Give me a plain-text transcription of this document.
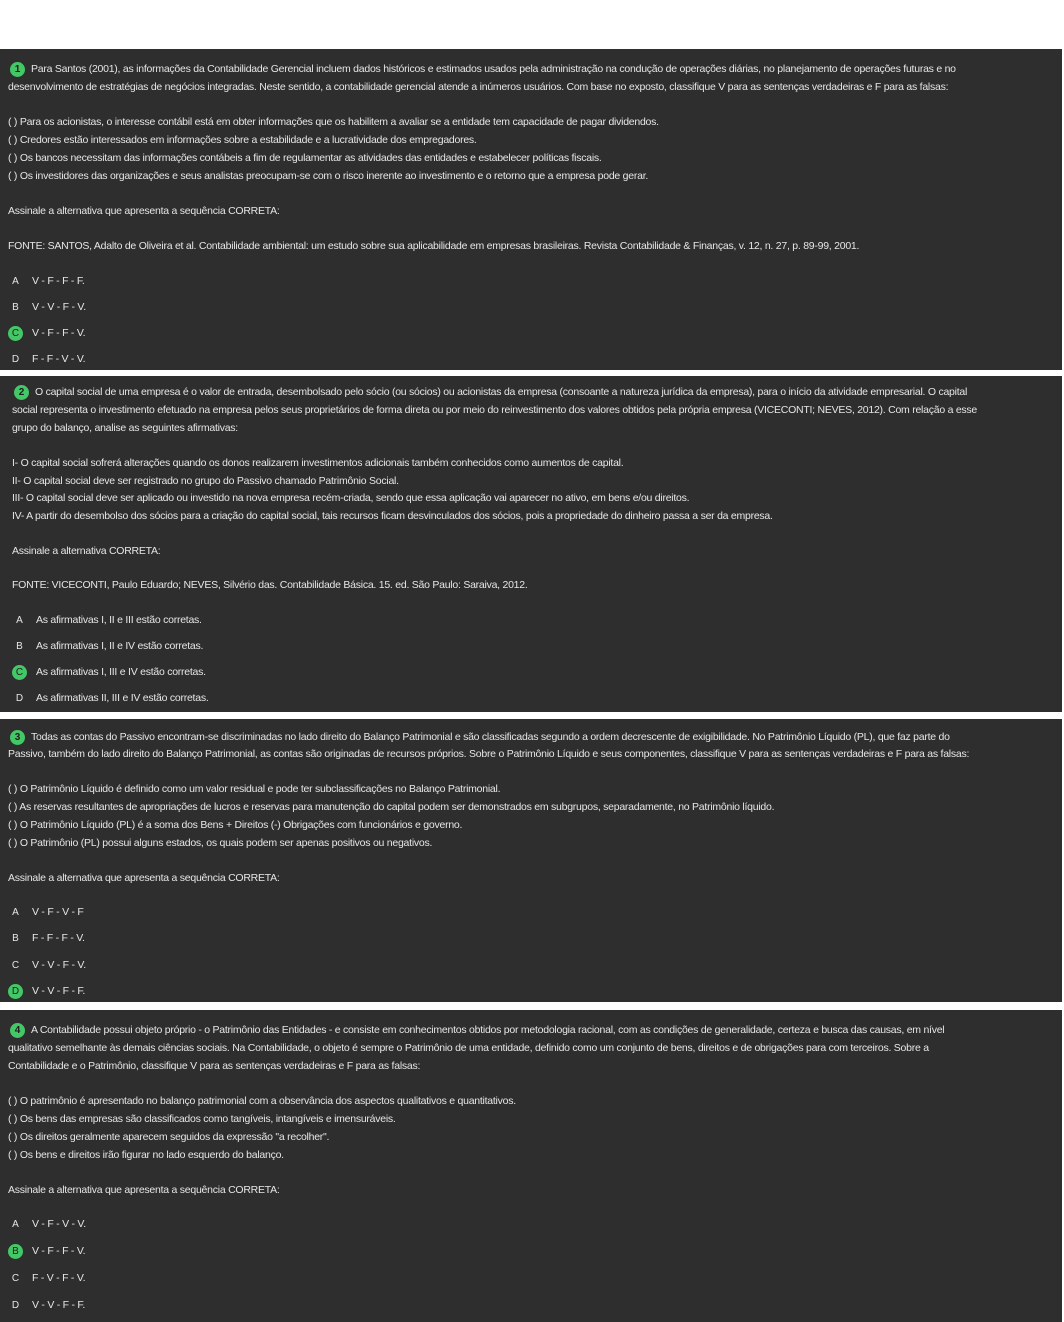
1 Para Santos (2001), as informações da Contabilidade Gerencial incluem dados históricos e estimados usados pela administração na condução de operações diárias, no planejamento de operações futuras e no
desenvolvimento de estratégias de negócios integradas. Neste sentido, a contabilidade gerencial atende a inúmeros usuários. Com base no exposto, classifique V para as sentenças verdadeiras e F para as falsas:
( ) Para os acionistas, o interesse contábil está em obter informações que os habilitem a avaliar se a entidade tem capacidade de pagar dividendos.
( ) Credores estão interessados em informações sobre a estabilidade e a lucratividade dos empregadores.
( ) Os bancos necessitam das informações contábeis a fim de regulamentar as atividades das entidades e estabelecer políticas fiscais.
( ) Os investidores das organizações e seus analistas preocupam-se com o risco inerente ao investimento e o retorno que a empresa pode gerar.
Assinale a alternativa que apresenta a sequência CORRETA:
FONTE: SANTOS, Adalto de Oliveira et al. Contabilidade ambiental: um estudo sobre sua aplicabilidade em empresas brasileiras. Revista Contabilidade & Finanças, v. 12, n. 27, p. 89-99, 2001.
A V - F - F - F.
B V - V - F - V.
C V - F - F - V.
D F - F - V - V.
2 O capital social de uma empresa é o valor de entrada, desembolsado pelo sócio (ou sócios) ou acionistas da empresa (consoante a natureza jurídica da empresa), para o início da atividade empresarial. O capital
social representa o investimento efetuado na empresa pelos seus proprietários de forma direta ou por meio do reinvestimento dos valores obtidos pela própria empresa (VICECONTI; NEVES, 2012). Com relação a esse
grupo do balanço, analise as seguintes afirmativas:
I- O capital social sofrerá alterações quando os donos realizarem investimentos adicionais também conhecidos como aumentos de capital.
II- O capital social deve ser registrado no grupo do Passivo chamado Patrimônio Social.
III- O capital social deve ser aplicado ou investido na nova empresa recém-criada, sendo que essa aplicação vai aparecer no ativo, em bens e/ou direitos.
IV- A partir do desembolso dos sócios para a criação do capital social, tais recursos ficam desvinculados dos sócios, pois a propriedade do dinheiro passa a ser da empresa.
Assinale a alternativa CORRETA:
FONTE: VICECONTI, Paulo Eduardo; NEVES, Silvério das. Contabilidade Básica. 15. ed. São Paulo: Saraiva, 2012.
A As afirmativas I, II e III estão corretas.
B As afirmativas I, II e IV estão corretas.
C As afirmativas I, III e IV estão corretas.
D As afirmativas II, III e IV estão corretas.
3 Todas as contas do Passivo encontram-se discriminadas no lado direito do Balanço Patrimonial e são classificadas segundo a ordem decrescente de exigibilidade. No Patrimônio Líquido (PL), que faz parte do
Passivo, também do lado direito do Balanço Patrimonial, as contas são originadas de recursos próprios. Sobre o Patrimônio Líquido e seus componentes, classifique V para as sentenças verdadeiras e F para as falsas:
( ) O Patrimônio Líquido é definido como um valor residual e pode ter subclassificações no Balanço Patrimonial.
( ) As reservas resultantes de apropriações de lucros e reservas para manutenção do capital podem ser demonstrados em subgrupos, separadamente, no Patrimônio líquido.
( ) O Patrimônio Líquido (PL) é a soma dos Bens + Direitos (-) Obrigações com funcionários e governo.
( ) O Patrimônio (PL) possui alguns estados, os quais podem ser apenas positivos ou negativos.
Assinale a alternativa que apresenta a sequência CORRETA:
A V - F - V - F
B F - F - F - V.
C V - V - F - V.
D V - V - F - F.
4 A Contabilidade possui objeto próprio - o Patrimônio das Entidades - e consiste em conhecimentos obtidos por metodologia racional, com as condições de generalidade, certeza e busca das causas, em nível
qualitativo semelhante às demais ciências sociais. Na Contabilidade, o objeto é sempre o Patrimônio de uma entidade, definido como um conjunto de bens, direitos e de obrigações para com terceiros. Sobre a
Contabilidade e o Patrimônio, classifique V para as sentenças verdadeiras e F para as falsas:
( ) O patrimônio é apresentado no balanço patrimonial com a observância dos aspectos qualitativos e quantitativos.
( ) Os bens das empresas são classificados como tangíveis, intangíveis e imensuráveis.
( ) Os direitos geralmente aparecem seguidos da expressão "a recolher".
( ) Os bens e direitos irão figurar no lado esquerdo do balanço.
Assinale a alternativa que apresenta a sequência CORRETA:
A V - F - V - V.
B V - F - F - V.
C F - V - F - V.
D V - V - F - F.
